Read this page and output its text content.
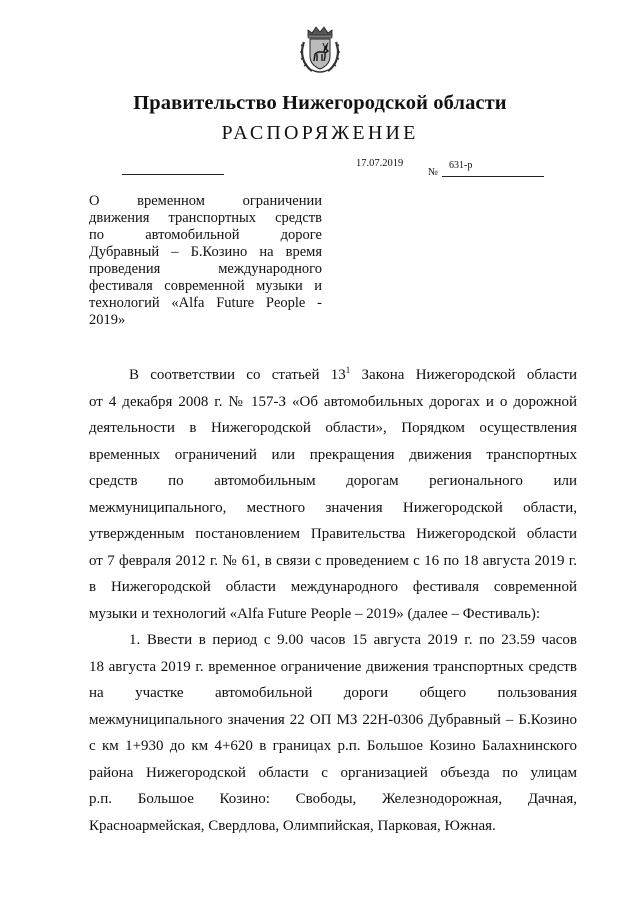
Правительство Нижегородской области
РАСПОРЯЖЕНИЕ
17.07.2019
№
631-р
О временном ограничении
движения транспортных средств
по автомобильной дороге
Дубравный – Б.Козино на время
проведения международного
фестиваля современной музыки и
технологий «Alfa Future People -
2019»
В соответствии со статьей $13^1$ Закона Нижегородской области
от 4 декабря 2008 г. № 157-З «Об автомобильных дорогах и о дорожной
деятельности в Нижегородской области», Порядком осуществления
временных ограничений или прекращения движения транспортных
средств по автомобильным дорогам регионального или
межмуниципального, местного значения Нижегородской области,
утвержденным постановлением Правительства Нижегородской области
от 7 февраля 2012 г. № 61, в связи с проведением с 16 по 18 августа 2019 г.
в Нижегородской области международного фестиваля современной
музыки и технологий «Alfa Future People – 2019» (далее – Фестиваль):
1. Ввести в период с 9.00 часов 15 августа 2019 г. по 23.59 часов
18 августа 2019 г. временное ограничение движения транспортных средств
на участке автомобильной дороги общего пользования
межмуниципального значения 22 ОП МЗ 22Н-0306 Дубравный – Б.Козино
с км 1+930 до км 4+620 в границах р.п. Большое Козино Балахнинского
района Нижегородской области с организацией объезда по улицам
р.п. Большое Козино: Свободы, Железнодорожная, Дачная,
Красноармейская, Свердлова, Олимпийская, Парковая, Южная.
